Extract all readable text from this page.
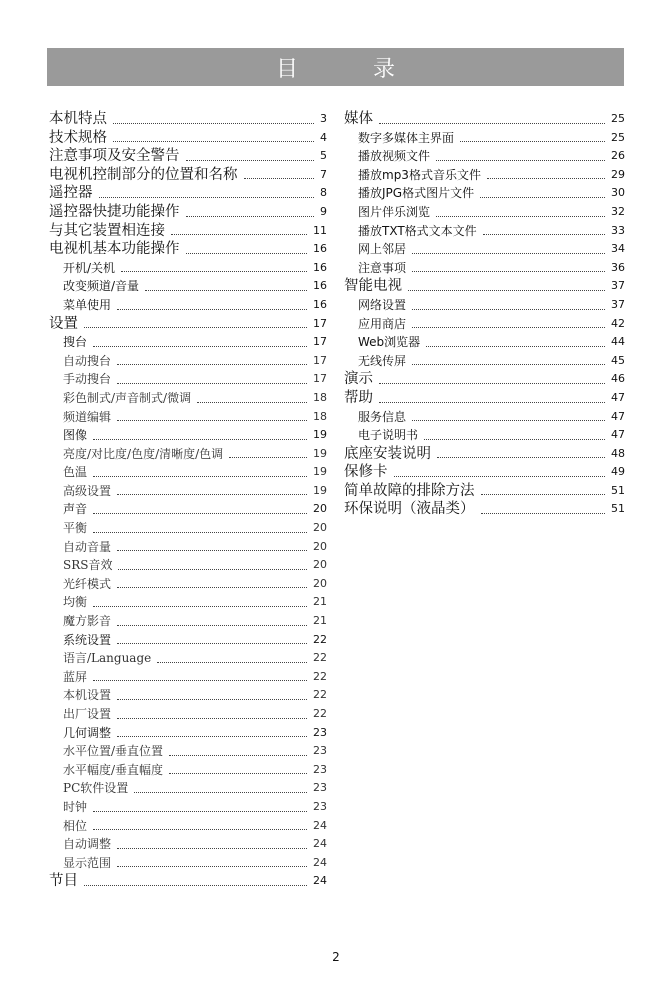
目 录
本机特点	3
技术规格	4
注意事项及安全警告	5
电视机控制部分的位置和名称	7
遥控器	8
遥控器快捷功能操作	9
与其它装置相连接	11
电视机基本功能操作	16
开机/关机	16
改变频道/音量	16
菜单使用	16
设置	17
搜台	17
自动搜台	17
手动搜台	17
彩色制式/声音制式/微调	18
频道编辑	18
图像	19
亮度/对比度/色度/清晰度/色调	19
色温	19
高级设置	19
声音	20
平衡	20
自动音量	20
SRS音效	20
光纤模式	20
均衡	21
魔方影音	21
系统设置	22
语言/Language	22
蓝屏	22
本机设置	22
出厂设置	22
几何调整	23
水平位置/垂直位置	23
水平幅度/垂直幅度	23
PC软件设置	23
时钟	23
相位	24
自动调整	24
显示范围	24
节目	24
媒体	25
数字多媒体主界面	25
播放视频文件	26
播放mp3格式音乐文件	29
播放JPG格式图片文件	30
图片伴乐浏览	32
播放TXT格式文本文件	33
网上邻居	34
注意事项	36
智能电视	37
网络设置	37
应用商店	42
Web浏览器	44
无线传屏	45
演示	46
帮助	47
服务信息	47
电子说明书	47
底座安装说明	48
保修卡	49
简单故障的排除方法	51
环保说明（液晶类）	51
2
